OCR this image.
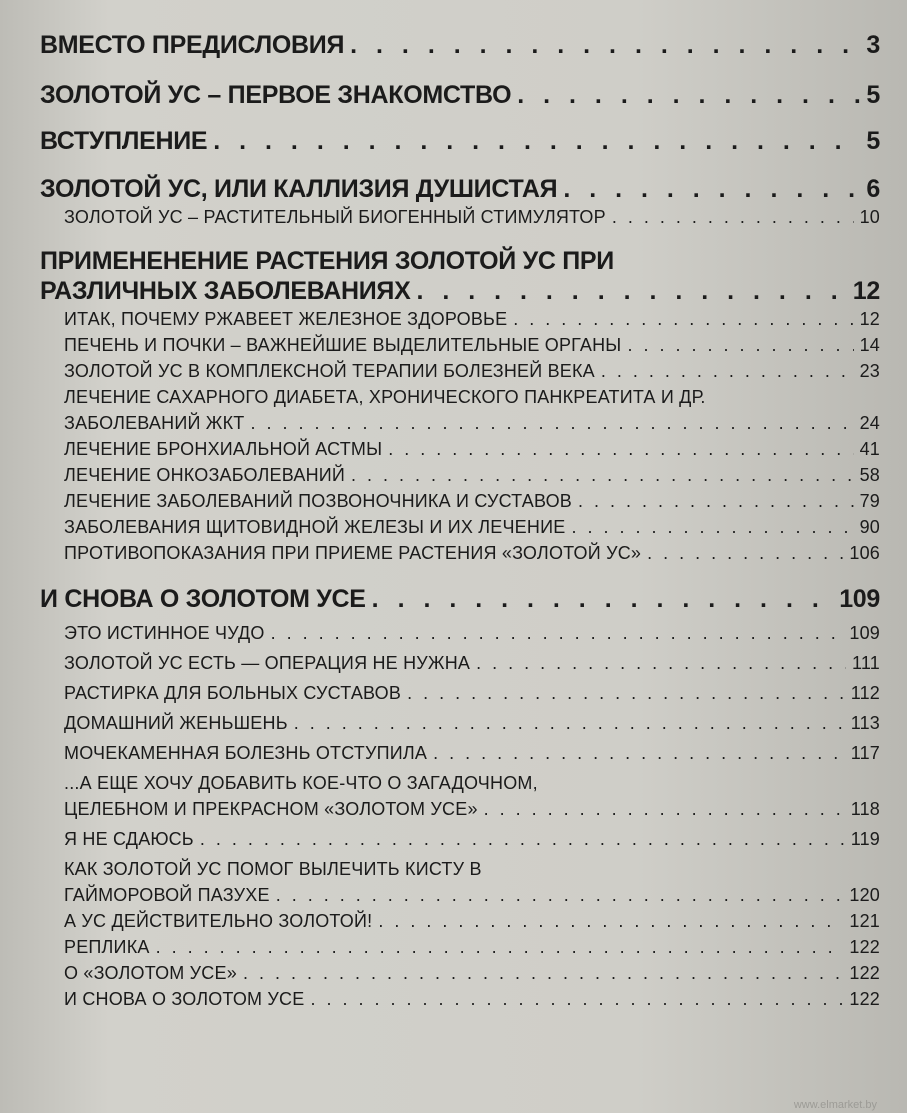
ВМЕСТО ПРЕДИСЛОВИЯ . . .	3
ЗОЛОТОЙ УС – ПЕРВОЕ ЗНАКОМСТВО . . .	5
ВСТУПЛЕНИЕ . . .	5
ЗОЛОТОЙ УС, ИЛИ КАЛЛИЗИЯ ДУШИСТАЯ . . .	6
ЗОЛОТОЙ УС – РАСТИТЕЛЬНЫЙ БИОГЕННЫЙ СТИМУЛЯТОР . . .	10
ПРИМЕНЕНЕНИЕ РАСТЕНИЯ ЗОЛОТОЙ УС ПРИ
РАЗЛИЧНЫХ ЗАБОЛЕВАНИЯХ . . .	12
ИТАК, ПОЧЕМУ РЖАВЕЕТ ЖЕЛЕЗНОЕ ЗДОРОВЬЕ . . .	12
ПЕЧЕНЬ И ПОЧКИ – ВАЖНЕЙШИЕ ВЫДЕЛИТЕЛЬНЫЕ ОРГАНЫ . . .	14
ЗОЛОТОЙ УС В КОМПЛЕКСНОЙ ТЕРАПИИ БОЛЕЗНЕЙ ВЕКА . . .	23
ЛЕЧЕНИЕ САХАРНОГО ДИАБЕТА, ХРОНИЧЕСКОГО ПАНКРЕАТИТА И ДР.
ЗАБОЛЕВАНИЙ ЖКТ . . .	24
ЛЕЧЕНИЕ БРОНХИАЛЬНОЙ АСТМЫ . . .	41
ЛЕЧЕНИЕ ОНКОЗАБОЛЕВАНИЙ . . .	58
ЛЕЧЕНИЕ ЗАБОЛЕВАНИЙ ПОЗВОНОЧНИКА И СУСТАВОВ . . .	79
ЗАБОЛЕВАНИЯ ЩИТОВИДНОЙ ЖЕЛЕЗЫ И ИХ ЛЕЧЕНИЕ . . .	90
ПРОТИВОПОКАЗАНИЯ ПРИ ПРИЕМЕ РАСТЕНИЯ «ЗОЛОТОЙ УС» . . .	106
И СНОВА О ЗОЛОТОМ УСЕ . . .	109
ЭТО ИСТИННОЕ ЧУДО . . .	109
ЗОЛОТОЙ УС ЕСТЬ — ОПЕРАЦИЯ НЕ НУЖНА . . .	111
РАСТИРКА ДЛЯ БОЛЬНЫХ СУСТАВОВ . . .	112
ДОМАШНИЙ ЖЕНЬШЕНЬ . . .	113
МОЧЕКАМЕННАЯ БОЛЕЗНЬ ОТСТУПИЛА . . .	117
...А ЕЩЕ ХОЧУ ДОБАВИТЬ КОЕ-ЧТО О ЗАГАДОЧНОМ,
ЦЕЛЕБНОМ И ПРЕКРАСНОМ «ЗОЛОТОМ УСЕ» . . .	118
Я НЕ СДАЮСЬ . . .	119
КАК ЗОЛОТОЙ УС ПОМОГ ВЫЛЕЧИТЬ КИСТУ В
ГАЙМОРОВОЙ ПАЗУХЕ . . .	120
А УС ДЕЙСТВИТЕЛЬНО ЗОЛОТОЙ! . . .	121
РЕПЛИКА . . .	122
О «ЗОЛОТОМ УСЕ» . . .	122
И СНОВА О ЗОЛОТОМ УСЕ . . .	122
www.elmarket.by
